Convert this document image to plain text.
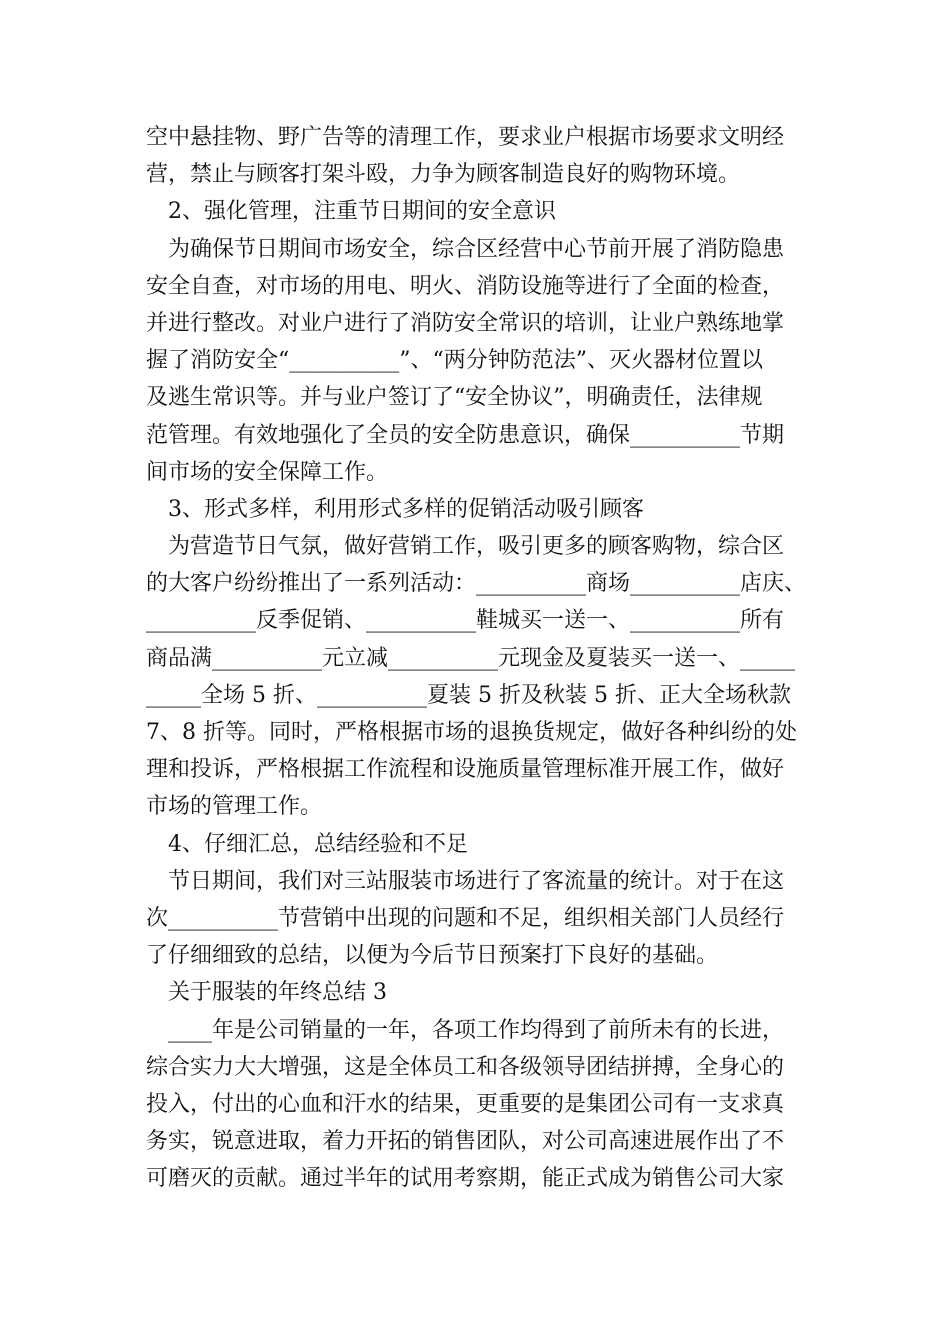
空中悬挂物、野广告等的清理工作，要求业户根据市场要求文明经
营，禁止与顾客打架斗殴，力争为顾客制造良好的购物环境。
2、强化管理，注重节日期间的安全意识
为确保节日期间市场安全，综合区经营中心节前开展了消防隐患
安全自查，对市场的用电、明火、消防设施等进行了全面的检查，
并进行整改。对业户进行了消防安全常识的培训，让业户熟练地掌
握了消防安全“__________”、“两分钟防范法”、灭火器材位置以
及逃生常识等。并与业户签订了“安全协议”，明确责任，法律规
范管理。有效地强化了全员的安全防患意识，确保__________节期
间市场的安全保障工作。
3、形式多样，利用形式多样的促销活动吸引顾客
为营造节日气氛，做好营销工作，吸引更多的顾客购物，综合区
的大客户纷纷推出了一系列活动：__________商场__________店庆、
__________反季促销、__________鞋城买一送一、__________所有
商品满__________元立减__________元现金及夏装买一送一、_____
_____全场 5 折、__________夏装 5 折及秋装 5 折、正大全场秋款
7、8 折等。同时，严格根据市场的退换货规定，做好各种纠纷的处
理和投诉，严格根据工作流程和设施质量管理标准开展工作，做好
市场的管理工作。
4、仔细汇总，总结经验和不足
节日期间，我们对三站服装市场进行了客流量的统计。对于在这
次__________节营销中出现的问题和不足，组织相关部门人员经行
了仔细细致的总结，以便为今后节日预案打下良好的基础。
关于服装的年终总结 3
____年是公司销量的一年，各项工作均得到了前所未有的长进，
综合实力大大增强，这是全体员工和各级领导团结拼搏，全身心的
投入，付出的心血和汗水的结果，更重要的是集团公司有一支求真
务实，锐意进取，着力开拓的销售团队，对公司高速进展作出了不
可磨灭的贡献。通过半年的试用考察期，能正式成为销售公司大家
